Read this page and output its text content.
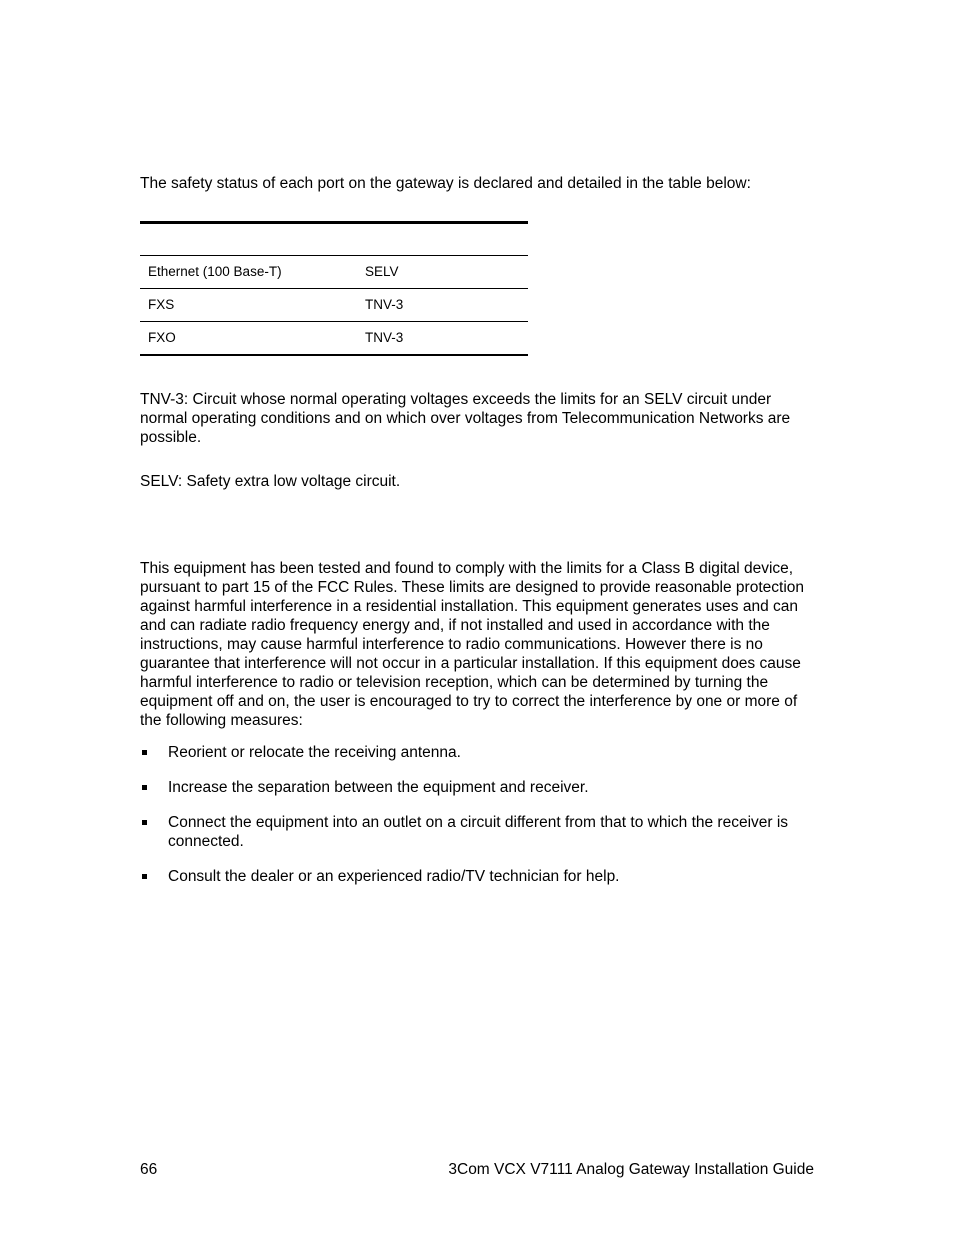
The safety status of each port on the gateway is declared and detailed in the table below:

Ethernet (100 Base-T)	SELV
FXS	TNV-3
FXO	TNV-3

TNV-3: Circuit whose normal operating voltages exceeds the limits for an SELV circuit under normal operating conditions and on which over voltages from Telecommunication Networks are possible.

SELV: Safety extra low voltage circuit.

This equipment has been tested and found to comply with the limits for a Class B digital device, pursuant to part 15 of the FCC Rules. These limits are designed to provide reasonable protection against harmful interference in a residential installation. This equipment generates uses and can and can radiate radio frequency energy and, if not installed and used in accordance with the instructions, may cause harmful interference to radio communications. However there is no guarantee that interference will not occur in a particular installation. If this equipment does cause harmful interference to radio or television reception, which can be determined by turning the equipment off and on, the user is encouraged to try to correct the interference by one or more of the following measures:

Reorient or relocate the receiving antenna.
Increase the separation between the equipment and receiver.
Connect the equipment into an outlet on a circuit different from that to which the receiver is connected.
Consult the dealer or an experienced radio/TV technician for help.
66	3Com VCX V7111 Analog Gateway Installation Guide
